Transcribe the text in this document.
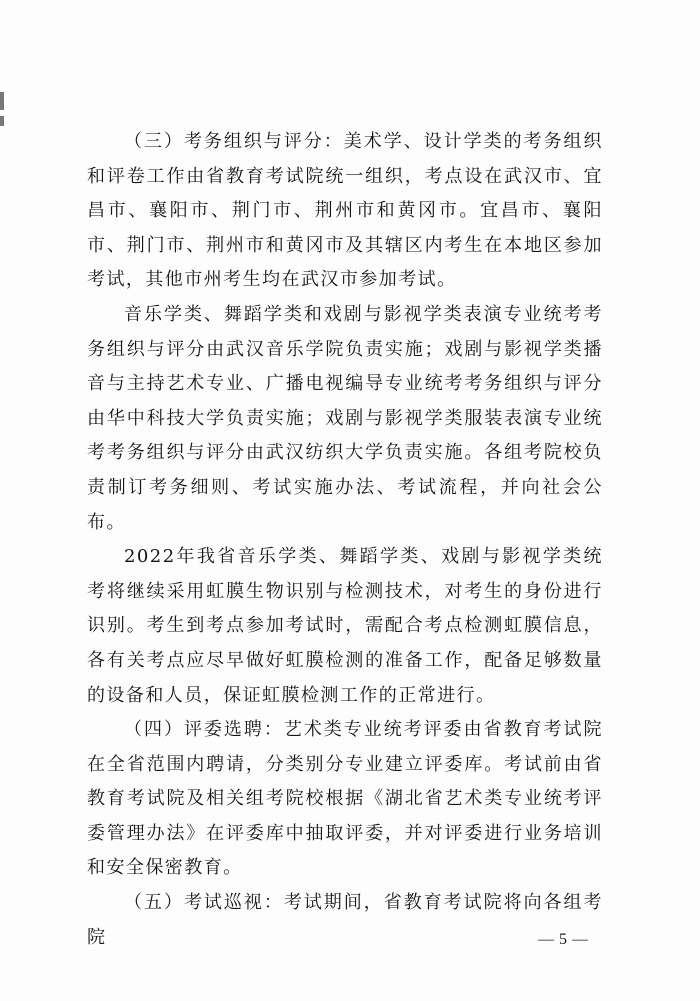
（三）考务组织与评分：美术学、设计学类的考务组织和评卷工作由省教育考试院统一组织，考点设在武汉市、宜昌市、襄阳市、荆门市、荆州市和黄冈市。宜昌市、襄阳市、荆门市、荆州市和黄冈市及其辖区内考生在本地区参加考试，其他市州考生均在武汉市参加考试。

音乐学类、舞蹈学类和戏剧与影视学类表演专业统考考务组织与评分由武汉音乐学院负责实施；戏剧与影视学类播音与主持艺术专业、广播电视编导专业统考考务组织与评分由华中科技大学负责实施；戏剧与影视学类服装表演专业统考考务组织与评分由武汉纺织大学负责实施。各组考院校负责制订考务细则、考试实施办法、考试流程，并向社会公布。

2022年我省音乐学类、舞蹈学类、戏剧与影视学类统考将继续采用虹膜生物识别与检测技术，对考生的身份进行识别。考生到考点参加考试时，需配合考点检测虹膜信息，各有关考点应尽早做好虹膜检测的准备工作，配备足够数量的设备和人员，保证虹膜检测工作的正常进行。

（四）评委选聘：艺术类专业统考评委由省教育考试院在全省范围内聘请，分类别分专业建立评委库。考试前由省教育考试院及相关组考院校根据《湖北省艺术类专业统考评委管理办法》在评委库中抽取评委，并对评委进行业务培训和安全保密教育。

（五）考试巡视：考试期间，省教育考试院将向各组考院	— 5 —
